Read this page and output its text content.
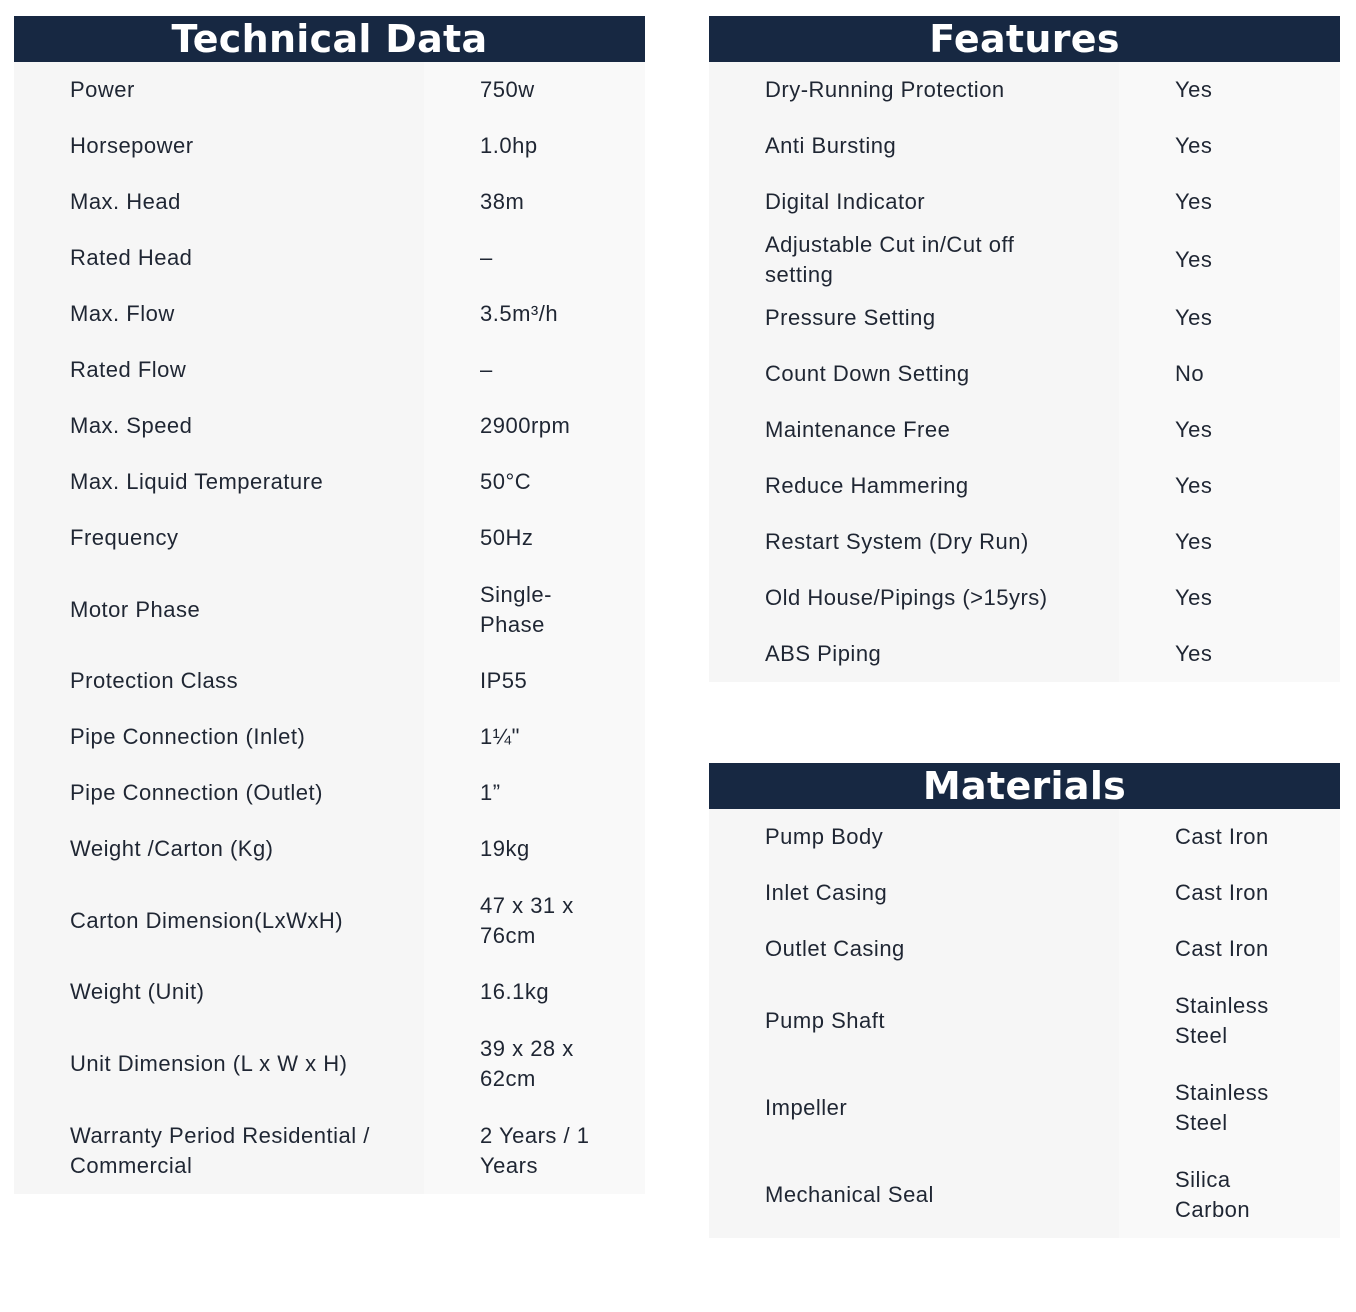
Technical Data
Power	750w
Horsepower	1.0hp
Max. Head	38m
Rated Head	–
Max. Flow	3.5m³/h
Rated Flow	–
Max. Speed	2900rpm
Max. Liquid Temperature	50°C
Frequency	50Hz
Motor Phase	Single-Phase
Protection Class	IP55
Pipe Connection (Inlet)	1¼"
Pipe Connection (Outlet)	1”
Weight /Carton (Kg)	19kg
Carton Dimension(LxWxH)	47 x 31 x 76cm
Weight (Unit)	16.1kg
Unit Dimension (L x W x H)	39 x 28 x 62cm
Warranty Period Residential / Commercial	2 Years / 1 Years
Features
Dry-Running Protection	Yes
Anti Bursting	Yes
Digital Indicator	Yes
Adjustable Cut in/Cut off setting	Yes
Pressure Setting	Yes
Count Down Setting	No
Maintenance Free	Yes
Reduce Hammering	Yes
Restart System (Dry Run)	Yes
Old House/Pipings (>15yrs)	Yes
ABS Piping	Yes
Materials
Pump Body	Cast Iron
Inlet Casing	Cast Iron
Outlet Casing	Cast Iron
Pump Shaft	Stainless Steel
Impeller	Stainless Steel
Mechanical Seal	Silica Carbon
